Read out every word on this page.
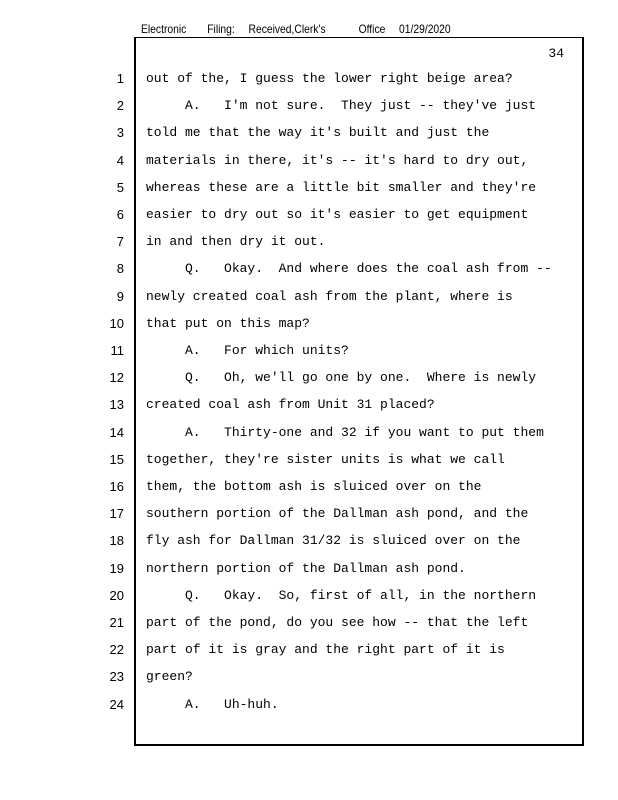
Electronic Filing: Received,Clerk's	Office 01/29/2020
34
1 out of the, I guess the lower right beige area?
2 A.   I'm not sure.  They just -- they've just
3 told me that the way it's built and just the
4 materials in there, it's -- it's hard to dry out,
5 whereas these are a little bit smaller and they're
6 easier to dry out so it's easier to get equipment
7 in and then dry it out.
8 Q.   Okay.  And where does the coal ash from --
9 newly created coal ash from the plant, where is
10 that put on this map?
11 A.   For which units?
12 Q.   Oh, we'll go one by one.  Where is newly
13 created coal ash from Unit 31 placed?
14 A.   Thirty-one and 32 if you want to put them
15 together, they're sister units is what we call
16 them, the bottom ash is sluiced over on the
17 southern portion of the Dallman ash pond, and the
18 fly ash for Dallman 31/32 is sluiced over on the
19 northern portion of the Dallman ash pond.
20 Q.   Okay.  So, first of all, in the northern
21 part of the pond, do you see how -- that the left
22 part of it is gray and the right part of it is
23 green?
24 A.   Uh-huh.
